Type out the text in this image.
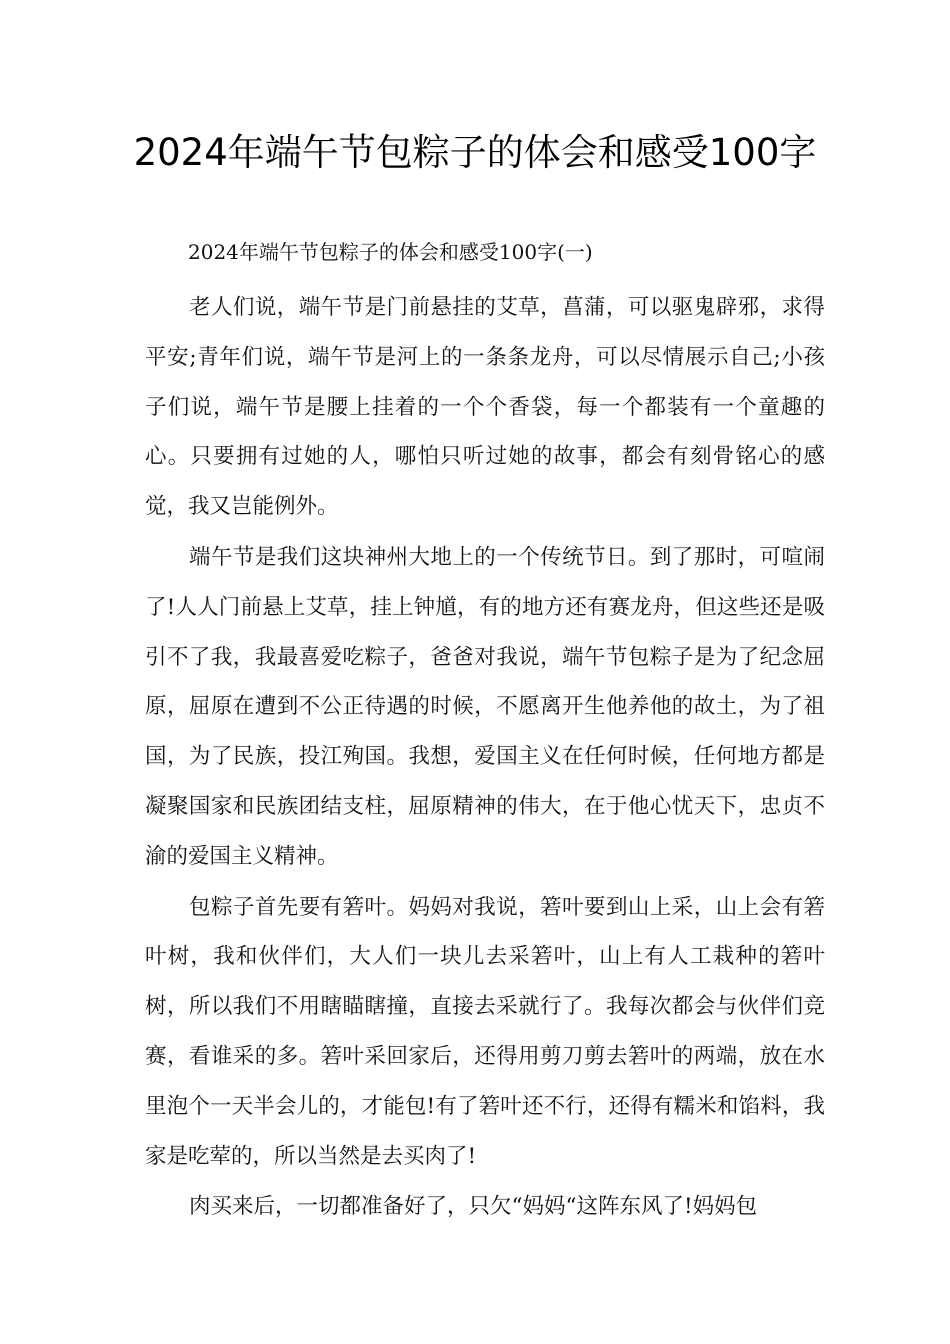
2024年端午节包粽子的体会和感受100字

2024年端午节包粽子的体会和感受100字(一)

老人们说，端午节是门前悬挂的艾草，菖蒲，可以驱鬼辟邪，求得平安;青年们说，端午节是河上的一条条龙舟，可以尽情展示自己;小孩子们说，端午节是腰上挂着的一个个香袋，每一个都装有一个童趣的心。只要拥有过她的人，哪怕只听过她的故事，都会有刻骨铭心的感觉，我又岂能例外。

端午节是我们这块神州大地上的一个传统节日。到了那时，可喧闹了!人人门前悬上艾草，挂上钟馗，有的地方还有赛龙舟，但这些还是吸引不了我，我最喜爱吃粽子，爸爸对我说，端午节包粽子是为了纪念屈原，屈原在遭到不公正待遇的时候，不愿离开生他养他的故土，为了祖国，为了民族，投江殉国。我想，爱国主义在任何时候，任何地方都是凝聚国家和民族团结支柱，屈原精神的伟大，在于他心忧天下，忠贞不渝的爱国主义精神。

包粽子首先要有箬叶。妈妈对我说，箬叶要到山上采，山上会有箬叶树，我和伙伴们，大人们一块儿去采箬叶，山上有人工栽种的箬叶树，所以我们不用瞎瞄瞎撞，直接去采就行了。我每次都会与伙伴们竞赛，看谁采的多。箬叶采回家后，还得用剪刀剪去箬叶的两端，放在水里泡个一天半会儿的，才能包!有了箬叶还不行，还得有糯米和馅料，我家是吃荤的，所以当然是去买肉了!

肉买来后，一切都准备好了，只欠“妈妈“这阵东风了!妈妈包
